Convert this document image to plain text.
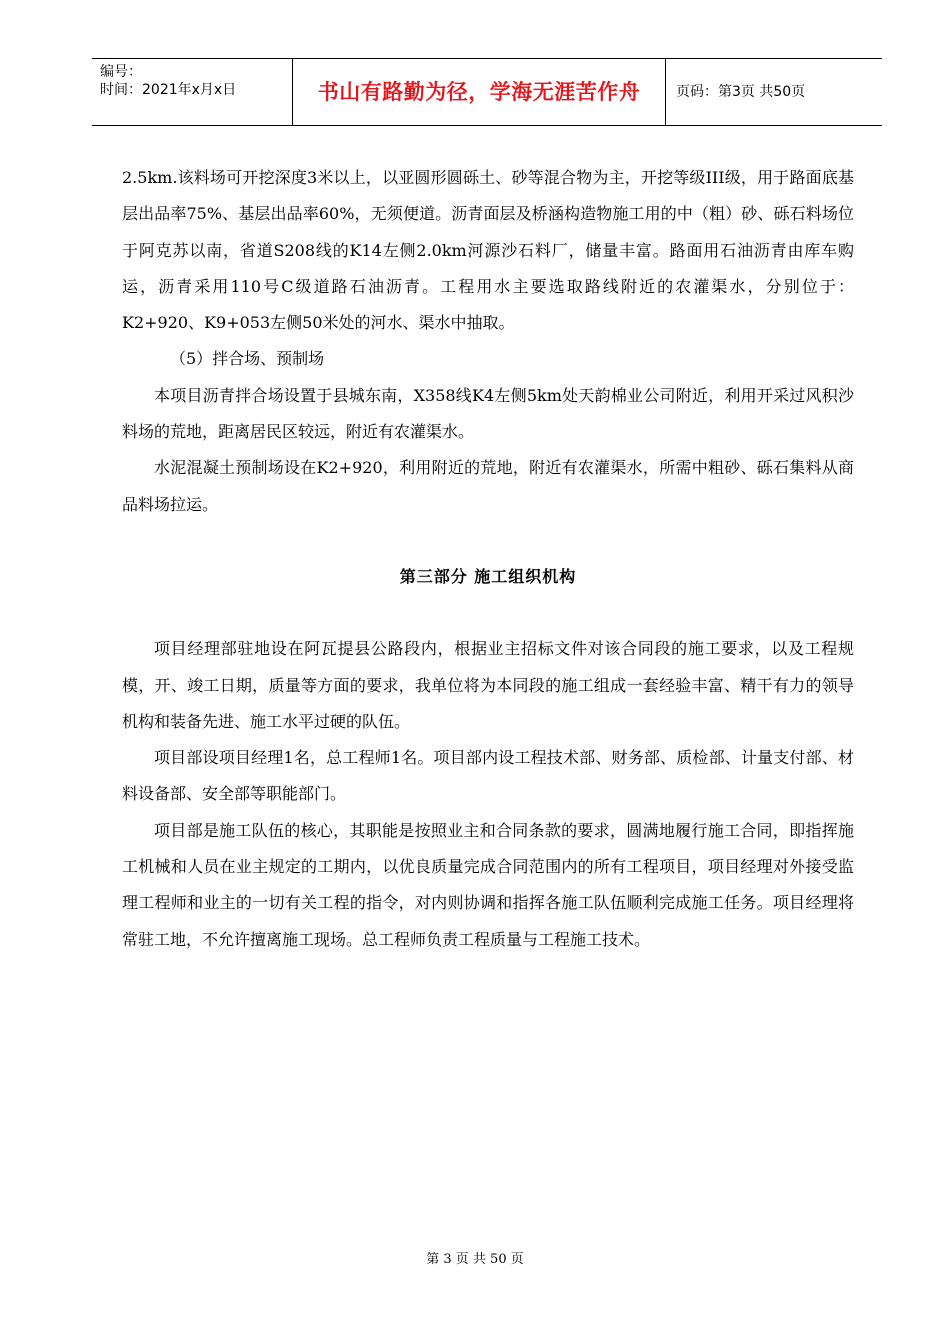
编号：
时间：2021年x月x日	书山有路勤为径，学海无涯苦作舟	页码：第3页 共50页

2.5km.该料场可开挖深度3米以上，以亚圆形圆砾土、砂等混合物为主，开挖等级III级，用于路面底基层出品率75%、基层出品率60%，无须便道。沥青面层及桥涵构造物施工用的中（粗）砂、砾石料场位于阿克苏以南，省道S208线的K14左侧2.0km河源沙石料厂，储量丰富。路面用石油沥青由库车购运，沥青采用110号C级道路石油沥青。工程用水主要选取路线附近的农灌渠水，分别位于：K2+920、K9+053左侧50米处的河水、渠水中抽取。

（5）拌合场、预制场

本项目沥青拌合场设置于县城东南，X358线K4左侧5km处天韵棉业公司附近，利用开采过风积沙料场的荒地，距离居民区较远，附近有农灌渠水。

水泥混凝土预制场设在K2+920，利用附近的荒地，附近有农灌渠水，所需中粗砂、砾石集料从商品料场拉运。

第三部分 施工组织机构

项目经理部驻地设在阿瓦提县公路段内，根据业主招标文件对该合同段的施工要求，以及工程规模，开、竣工日期，质量等方面的要求，我单位将为本同段的施工组成一套经验丰富、精干有力的领导机构和装备先进、施工水平过硬的队伍。

项目部设项目经理1名，总工程师1名。项目部内设工程技术部、财务部、质检部、计量支付部、材料设备部、安全部等职能部门。

项目部是施工队伍的核心，其职能是按照业主和合同条款的要求，圆满地履行施工合同，即指挥施工机械和人员在业主规定的工期内，以优良质量完成合同范围内的所有工程项目，项目经理对外接受监理工程师和业主的一切有关工程的指令，对内则协调和指挥各施工队伍顺利完成施工任务。项目经理将常驻工地，不允许擅离施工现场。总工程师负责工程质量与工程施工技术。

第 3 页 共 50 页
